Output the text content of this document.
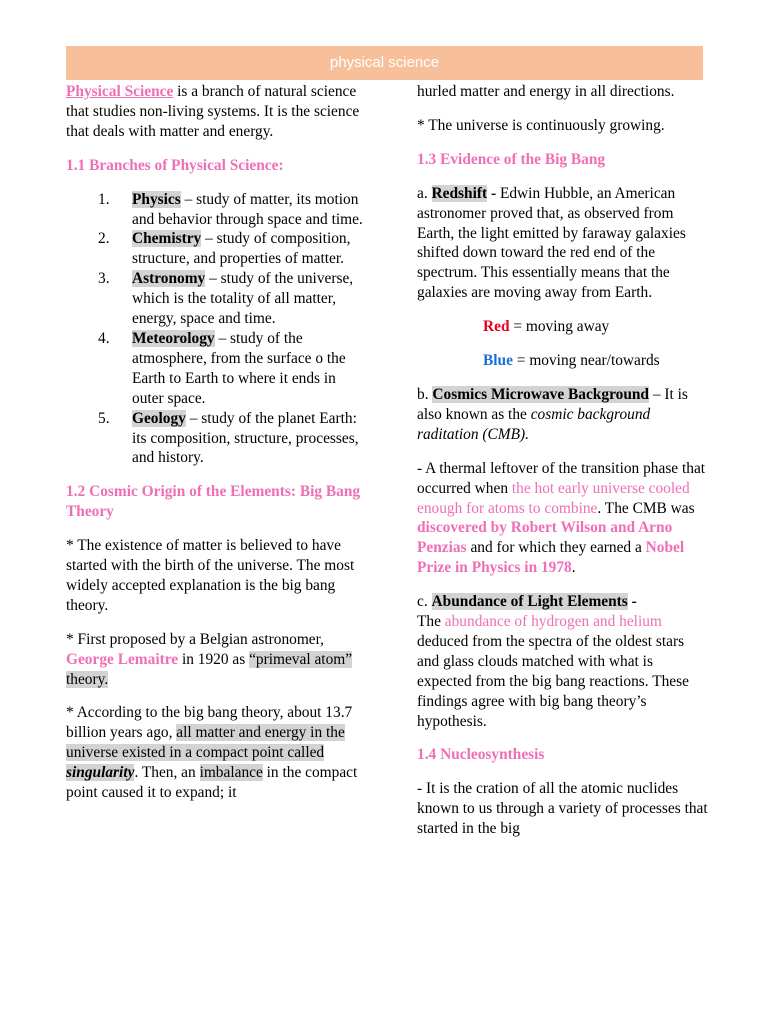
physical science

Physical Science is a branch of natural science that studies non-living systems. It is the science that deals with matter and energy.

1.1 Branches of Physical Science:
1. Physics – study of matter, its motion and behavior through space and time.
2. Chemistry – study of composition, structure, and properties of matter.
3. Astronomy – study of the universe, which is the totality of all matter, energy, space and time.
4. Meteorology – study of the atmosphere, from the surface o the Earth to Earth to where it ends in outer space.
5. Geology – study of the planet Earth: its composition, structure, processes, and history.
1.2 Cosmic Origin of the Elements: Big Bang Theory

* The existence of matter is believed to have started with the birth of the universe. The most widely accepted explanation is the big bang theory.

* First proposed by a Belgian astronomer, George Lemaitre in 1920 as “primeval atom” theory.

* According to the big bang theory, about 13.7 billion years ago, all matter and energy in the universe existed in a compact point called singularity. Then, an imbalance in the compact point caused it to expand; it

hurled matter and energy in all directions.

* The universe is continuously growing.

1.3 Evidence of the Big Bang

a. Redshift - Edwin Hubble, an American astronomer proved that, as observed from Earth, the light emitted by faraway galaxies shifted down toward the red end of the spectrum. This essentially means that the galaxies are moving away from Earth.

Red = moving away

Blue = moving near/towards

b. Cosmics Microwave Background – It is also known as the cosmic background raditation (CMB).

- A thermal leftover of the transition phase that occurred when the hot early universe cooled enough for atoms to combine. The CMB was discovered by Robert Wilson and Arno Penzias and for which they earned a Nobel Prize in Physics in 1978.

c. Abundance of Light Elements -
The abundance of hydrogen and helium deduced from the spectra of the oldest stars and glass clouds matched with what is expected from the big bang reactions. These findings agree with big bang theory’s hypothesis.

1.4 Nucleosynthesis

- It is the cration of all the atomic nuclides known to us through a variety of processes that started in the big
